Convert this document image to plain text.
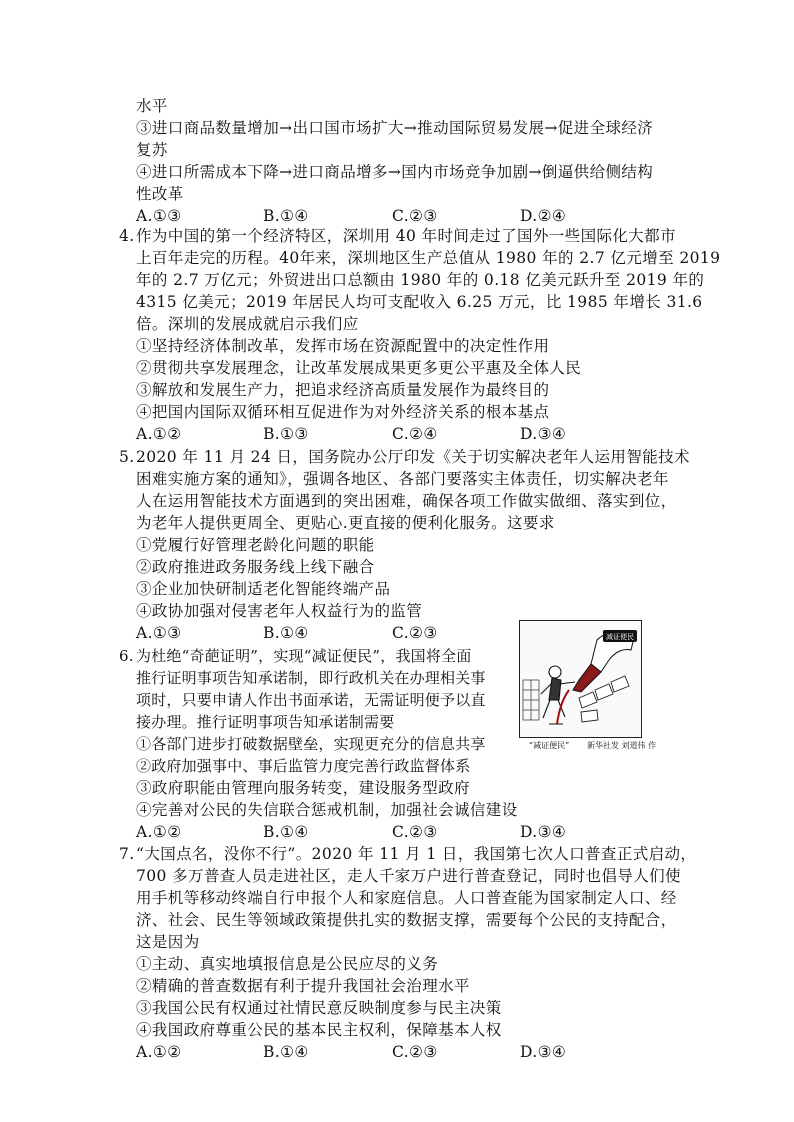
水平
③进口商品数量增加→出口国市场扩大→推动国际贸易发展→促进全球经济
复苏
④进口所需成本下降→进口商品增多→国内市场竞争加剧→倒逼供给侧结构
性改革
A.①③	B.①④	C.②③	D.②④
4. 作为中国的第一个经济特区，深圳用 40 年时间走过了国外一些国际化大都市
上百年走完的历程。40年来，深圳地区生产总值从 1980 年的 2.7 亿元增至 2019
年的 2.7 万亿元；外贸进出口总额由 1980 年的 0.18 亿美元跃升至 2019 年的
4315 亿美元；2019 年居民人均可支配收入 6.25 万元，比 1985 年增长 31.6
倍。深圳的发展成就启示我们应
①坚持经济体制改革，发挥市场在资源配置中的决定性作用
②贯彻共享发展理念，让改革发展成果更多更公平惠及全体人民
③解放和发展生产力，把追求经济高质量发展作为最终目的
④把国内国际双循环相互促进作为对外经济关系的根本基点
A.①②	B.①③	C.②④	D.③④
5. 2020 年 11 月 24 日，国务院办公厅印发《关于切实解决老年人运用智能技术
困难实施方案的通知》，强调各地区、各部门要落实主体责任，切实解决老年
人在运用智能技术方面遇到的突出困难，确保各项工作做实做细、落实到位，
为老年人提供更周全、更贴心.更直接的便利化服务。这要求
①党履行好管理老龄化问题的职能
②政府推进政务服务线上线下融合
③企业加快研制适老化智能终端产品
④政协加强对侵害老年人权益行为的监管
A.①③	B.①④	C.②③
6. 为杜绝“奇葩证明”，实现“减证便民”，我国将全面
推行证明事项告知承诺制，即行政机关在办理相关事
项时，只要申请人作出书面承诺，无需证明便予以直
接办理。推行证明事项告知承诺制需要
①各部门进步打破数据壁垒，实现更充分的信息共享
②政府加强事中、事后监管力度完善行政监督体系
③政府职能由管理向服务转变，建设服务型政府
④完善对公民的失信联合惩戒机制，加强社会诚信建设
A.①②	B.①④	C.②③	D.③④
减证便民
“减证便民” 新华社发 刘道伟 作
7. “大国点名，没你不行”。2020 年 11 月 1 日，我国第七次人口普查正式启动，
700 多万普查人员走进社区，走人千家万户进行普查登记，同时也倡导人们使
用手机等移动终端自行申报个人和家庭信息。人口普查能为国家制定人口、经
济、社会、民生等领域政策提供扎实的数据支撑，需要每个公民的支持配合，
这是因为
①主动、真实地填报信息是公民应尽的义务
②精确的普查数据有利于提升我国社会治理水平
③我国公民有权通过社情民意反映制度参与民主决策
④我国政府尊重公民的基本民主权利，保障基本人权
A.①②	B.①④	C.②③	D.③④
